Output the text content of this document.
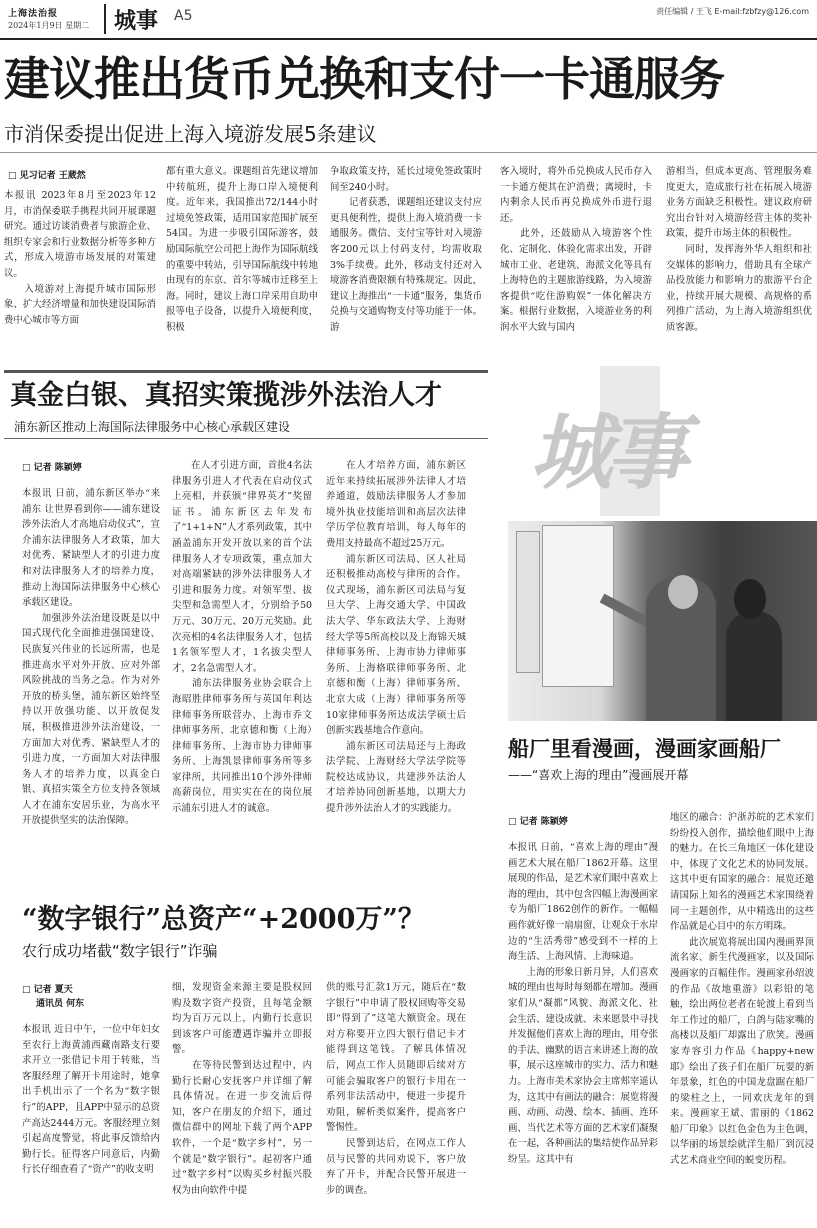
上海法治报
2024年1月9日 星期二 城事 A5	责任编辑 / 王飞 E-mail:fzbfzy@126.com
建议推出货币兑换和支付一卡通服务
市消保委提出促进上海入境游发展5条建议
□ 见习记者 王葳然
本报讯 2023年8月至2023年12月，市消保委联手携程共同开展课题研究。通过访谈消费者与旅游企业、组织专家会和行业数据分析等多种方式，形成入境游市场发展的对策建议。
　　入境游对上海提升城市国际形象、扩大经济增量和加快建设国际消费中心城市等方面
都有重大意义。课题组首先建议增加中转航班，提升上海口岸入境便利度。近年来，我国推出72/144小时过境免签政策，适用国家范围扩展至54国。为进一步吸引国际游客，鼓励国际航空公司把上海作为国际航线的重要中转站，引导国际航线中转地由现有的东京、首尔等城市迁移至上海。同时，建议上海口岸采用自助申报等电子设备，以提升入境便利度，积极
争取政策支持，延长过境免签政策时间至240小时。
　　记者获悉，课题组还建议支付应更具便利性，提供上海入境消费一卡通服务。微信、支付宝等针对入境游客200元以上付码支付，均需收取3%手续费。此外，移动支付还对入境游客消费限额有特殊规定。因此，建议上海推出“一卡通”服务，集货币兑换与交通购物支付等功能于一体。游
客入境时，将外币兑换成人民币存入一卡通方便其在沪消费；离境时，卡内剩余人民币再兑换成外币进行退还。
　　此外，还鼓励从入境游客个性化、定制化、体验化需求出发，开辟城市工业、老建筑、海派文化等具有上海特色的主题旅游线路，为入境游客提供“吃住游购娱”一体化解决方案。根据行业数据，入境游业务的利润水平大致与国内
游相当，但成本更高、管理服务难度更大，造成旅行社在拓展入境游业务方面缺乏积极性。建议政府研究出台针对入境游经营主体的奖补政策，提升市场主体的积极性。
　　同时，发挥海外华人组织和社交媒体的影响力，借助具有全球产品投放能力和影响力的旅游平台企业，持续开展大规模、高规格的系列推广活动，为上海入境游组织优质客源。
真金白银、真招实策揽涉外法治人才
浦东新区推动上海国际法律服务中心核心承载区建设
□ 记者 陈颖婷
本报讯 日前，浦东新区举办“来浦东 让世界看到你——浦东建设涉外法治人才高地启动仪式”，宣介浦东法律服务人才政策，加大对优秀、紧缺型人才的引进力度和对法律服务人才的培养力度，推动上海国际法律服务中心核心承载区建设。
　　加强涉外法治建设既是以中国式现代化全面推进强国建设、民族复兴伟业的长远所需，也是推进高水平对外开放、应对外部风险挑战的当务之急。作为对外开放的桥头堡，浦东新区始终坚持以开放强功能、以开放促发展，积极推进涉外法治建设，一方面加大对优秀、紧缺型人才的引进力度，一方面加大对法律服务人才的培养力度，以真金白银、真招实策全方位支持各领域人才在浦东安居乐业，为高水平开放提供坚实的法治保障。
　　在人才引进方面，首批4名法律服务引进人才代表在启动仪式上亮相，并获颁“律界英才”奖留证书。浦东新区去年发布了“1+1+N”人才系列政策，其中涵盖浦东开发开放以来的首个法律服务人才专项政策，重点加大对高端紧缺的涉外法律服务人才引进和服务力度。对领军型、拔尖型和急需型人才，分别给予50万元、30万元、20万元奖励。此次亮相的4名法律服务人才，包括1名领军型人才，1名拔尖型人才，2名急需型人才。
　　浦东法律服务业协会联合上海昭胜律师事务所与英国年利达律师事务所联营办、上海市乔文律师事务所、北京德和衡（上海）律师事务所、上海市协力律师事务所、上海凯景律师事务所等多家律所，共同推出10个涉外律师高薪岗位，用实实在在的岗位展示浦东引进人才的诚意。
　　在人才培养方面，浦东新区近年来持续拓展涉外法律人才培养通道，鼓励法律服务人才参加境外执业技能培训和高层次法律学历学位教育培训，每人每年的费用支持最高不超过25万元。
　　浦东新区司法局、区人社局还积极推动高校与律所的合作。仪式现场，浦东新区司法局与复旦大学、上海交通大学、中国政法大学、华东政法大学、上海财经大学等5所高校以及上海锦天城律师事务所、上海市协力律师事务所、上海格联律师事务所、北京德和衡（上海）律师事务所、北京大成（上海）律师事务所等10家律师事务所达成法学硕士后创新实践基地合作意向。
　　浦东新区司法局还与上海政法学院、上海财经大学法学院等院校达成协议，共建涉外法治人才培养协同创新基地，以期大力提升涉外法治人才的实践能力。
城事
船厂里看漫画，漫画家画船厂
——“喜欢上海的理由”漫画展开幕
□ 记者 陈颖婷
本报讯 日前，“喜欢上海的理由”漫画艺术大展在船厂1862开幕。这里展现的作品，是艺术家们眼中喜欢上海的理由，其中包含四幅上海漫画家专为船厂1862创作的新作。一幅幅画作就好像一扇扇窗，让观众于水岸边的“生活秀带”感受到不一样的上海生活、上海风情、上海味道。
　　上海的形象日新月异，人们喜欢城的理由也每时每刻都在增加。漫画家们从“凝都”风貌、海派文化、社会生活、建设成就、未来愿景中寻找并发掘他们喜欢上海的理由，用夸张的手法、幽默的语言来讲述上海的故事，展示这座城市的实力、活力和魅力。上海市美术家协会主席郏宰遥认为，这其中有画法的融合：展览将漫画、动画、动漫、绘本、插画、连环画、当代艺术等方面的艺术家们凝聚在一起，各种画法的集结使作品异彩纷呈。这其中有
地区的融合：沪浙苏皖的艺术家们纷纷投入创作，描绘他们眼中上海的魅力。在长三角地区一体化建设中，体现了文化艺术的协同发展。这其中更有国家的融合：展览还邀请国际上知名的漫画艺术家围绕着同一主题创作，从中精选出的这些作品就是心目中的东方明珠。
　　此次展览将展出国内漫画界顶流名家、新生代漫画家，以及国际漫画家的百幅佳作。漫画家孙绍波的作品《故地重游》以彩铅的笔触，绘出两位老者在轮渡上看到当年工作过的船厂，白鸽与陆家嘴的高楼以及船厂却露出了欣笑。漫画家寿容引力作品《happy+new耶》绘出了孩子们在船厂玩耍的新年景象，红色的中国龙盘踞在船厂的梁柱之上，一同欢庆龙年的到来。漫画家王斌、雷丽的《1862船厂印象》以红色金色为主色调，以华丽的场景绘就洋生船厂到沉浸式艺术商业空间的蜕变历程。
“数字银行”总资产“+2000万”？
农行成功堵截“数字银行”诈骗
□ 记者 夏天
通讯员 何东
本报讯 近日中午，一位中年妇女至农行上海黄浦西藏南路支行要求开立一张借记卡用于转账，当客服经理了解开卡用途时，她拿出手机出示了一个名为“数字银行”的APP，且APP中显示的总资产高达2444万元。客服经理立刻引起高度警觉，将此事反馈给内勤行长。征得客户同意后，内勤行长仔细查看了“资产”的收支明
细，发现资金来源主要是股权回购及数字资产投资，且每笔金额均为百万元以上，内勤行长意识到该客户可能遭遇诈骗并立即报警。
　　在等待民警到达过程中，内勤行长耐心安抚客户并详细了解具体情况。在进一步交流后得知，客户在朋友的介绍下，通过微信群中的网址下载了两个APP软件，一个是“数字乡村”，另一个就是“数字银行”。起初客户通过“数字乡村”以购买乡村振兴股权为由向软件中提
供的账号汇款1万元，随后在“数字银行”中申请了股权回购等交易即“得到了”这笔大额资金。现在对方称要开立四大银行借记卡才能得到这笔钱。了解具体情况后，网点工作人员随即后续对方可能会骗取客户的银行卡用在一系列非法活动中，便进一步提升劝阻，解析类似案件，提高客户警惕性。
　　民警到达后，在网点工作人员与民警的共同劝说下，客户放弃了开卡，并配合民警开展进一步的调查。
